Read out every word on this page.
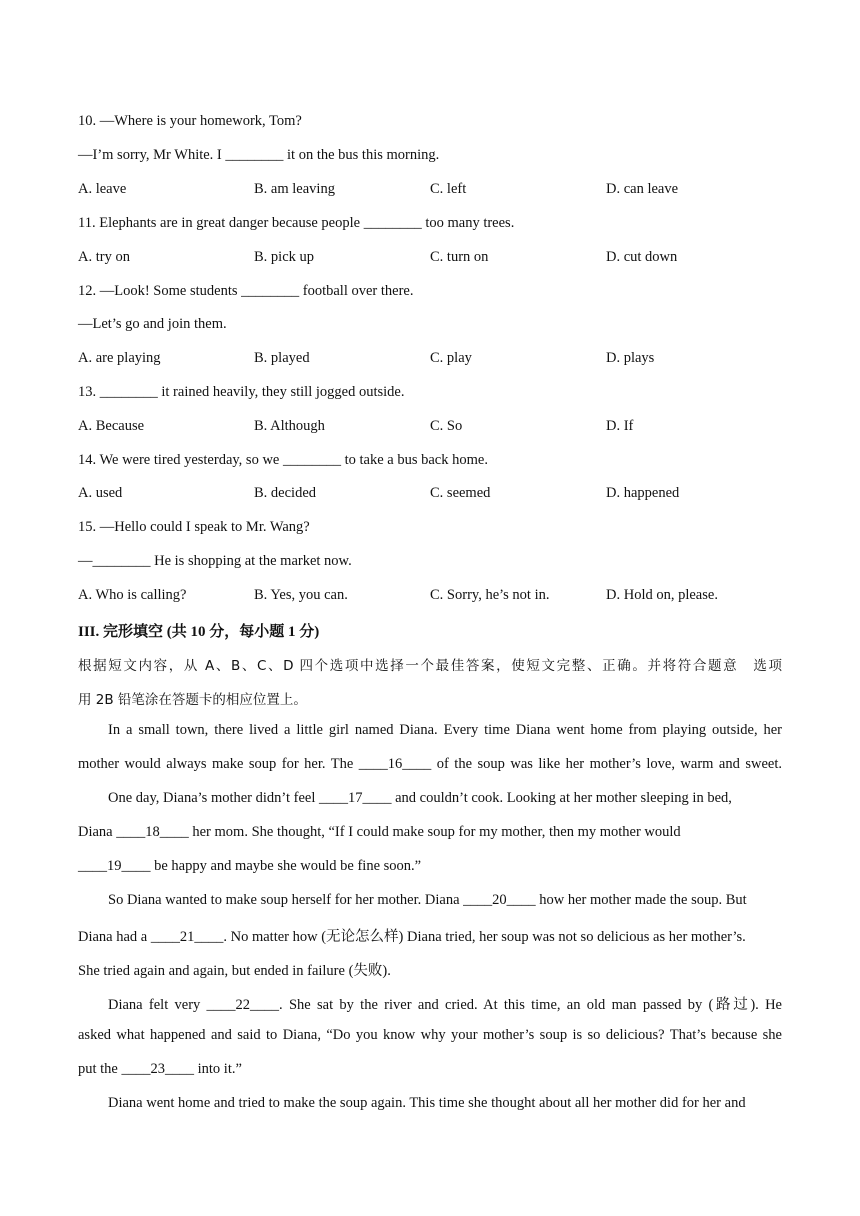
10. —Where is your homework, Tom?
—I’m sorry, Mr White. I ________ it on the bus this morning.
A. leave	B. am leaving	C. left	D. can leave
11. Elephants are in great danger because people ________ too many trees.
A. try on	B. pick up	C. turn on	D. cut down
12. —Look! Some students ________ football over there.
—Let’s go and join them.
A. are playing	B. played	C. play	D. plays
13. ________ it rained heavily, they still jogged outside.
A. Because	B. Although	C. So	D. If
14. We were tired yesterday, so we ________ to take a bus back home.
A. used	B. decided	C. seemed	D. happened
15. —Hello could I speak to Mr. Wang?
—________ He is shopping at the market now.
A. Who is calling?	B. Yes, you can.	C. Sorry, he’s not in.	D. Hold on, please.
III. 完形填空 (共 10 分，每小题 1 分)
根据短文内容，从 A、B、C、D 四个选项中选择一个最佳答案，使短文完整、正确。并将符合题意　选项
用 2B 铅笔涂在答题卡的相应位置上。
In a small town, there lived a little girl named Diana. Every time Diana went home from playing outside, her
mother would always make soup for her. The ____16____ of the soup was like her mother’s love, warm and sweet.
One day, Diana’s mother didn’t feel ____17____ and couldn’t cook. Looking at her mother sleeping in bed,
Diana ____18____ her mom. She thought, “If I could make soup for my mother, then my mother would
____19____ be happy and maybe she would be fine soon.”
So Diana wanted to make soup herself for her mother. Diana ____20____ how her mother made the soup. But
Diana had a ____21____. No matter how (无论怎么样) Diana tried, her soup was not so delicious as her mother’s.
She tried again and again, but ended in failure (失败).
Diana felt very ____22____. She sat by the river and cried. At this time, an old man passed by (路过). He
asked what happened and said to Diana, “Do you know why your mother’s soup is so delicious? That’s because she
put the ____23____ into it.”
Diana went home and tried to make the soup again. This time she thought about all her mother did for her and
